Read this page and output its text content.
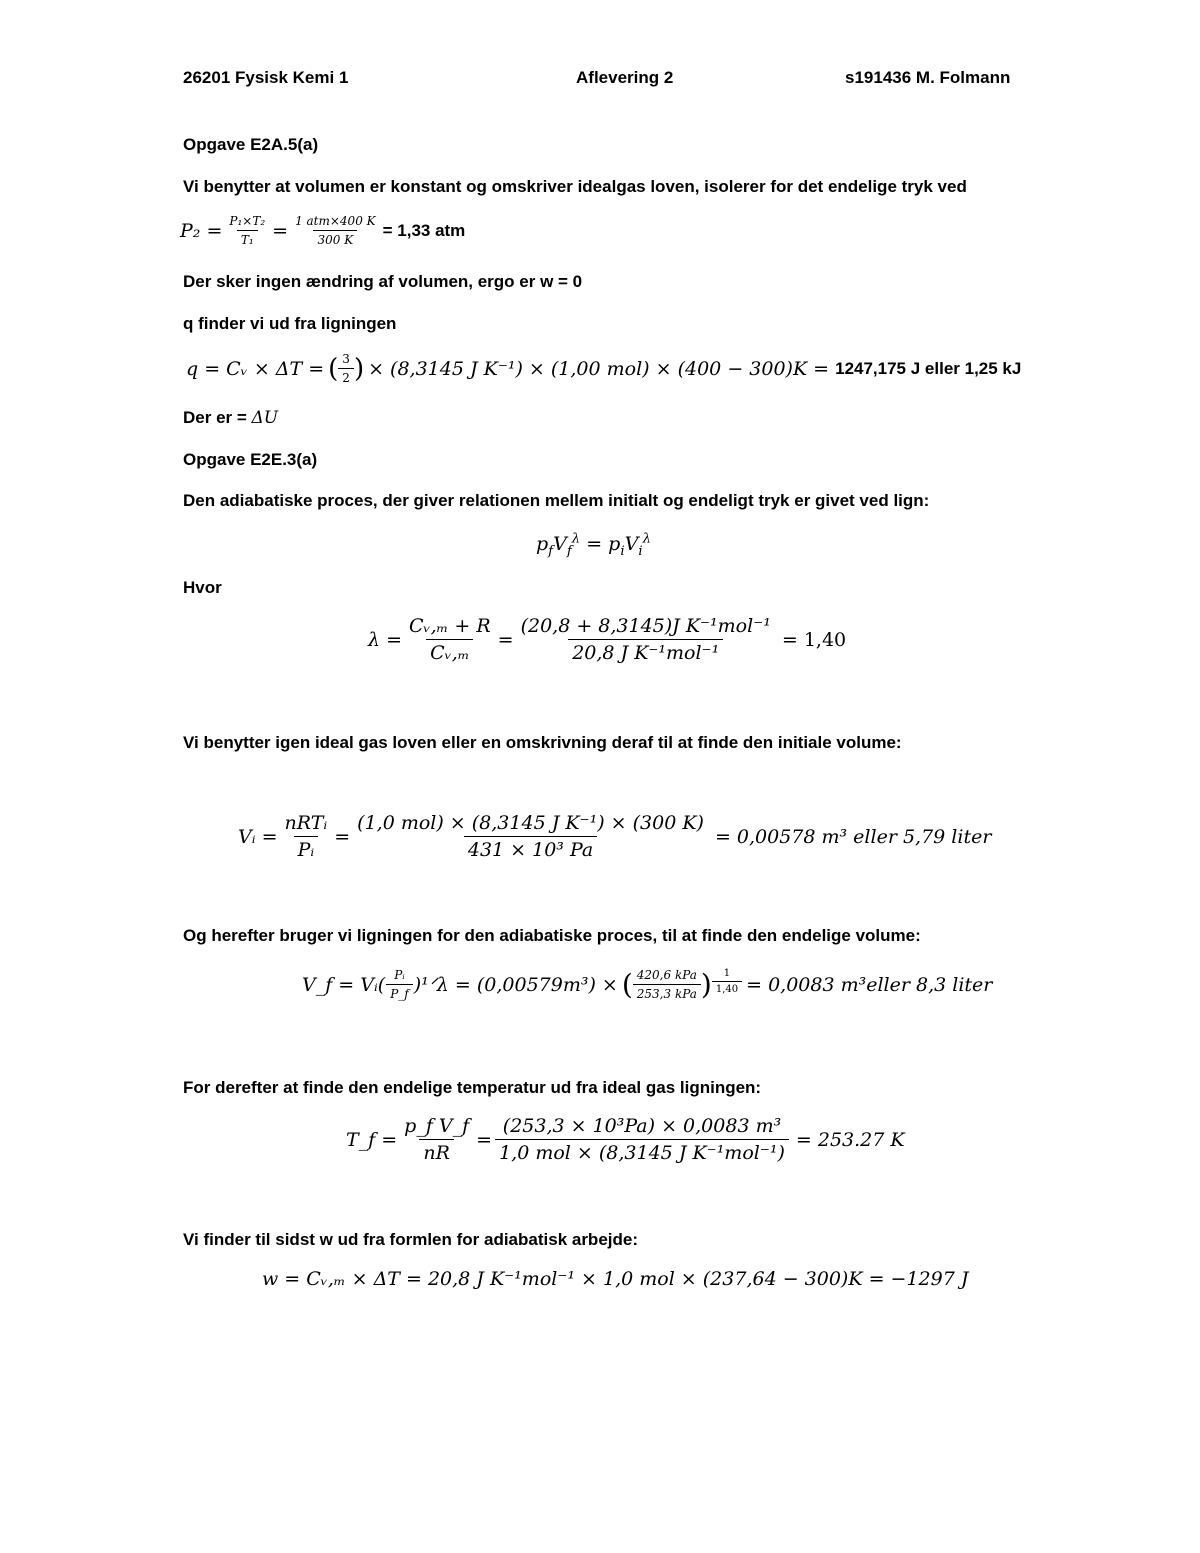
26201 Fysisk Kemi 1	Aflevering 2	s191436 M. Folmann
Opgave E2A.5(a)
Vi benytter at volumen er konstant og omskriver idealgas loven, isolerer for det endelige tryk ved
$P_2 = \frac{\text{P₁×T₂}}{\text{T₁}} = \frac{\text{1 atm×400 K}}{300 K} = 1,33$ atm
Der sker ingen ændring af volumen, ergo er w = 0
q finder vi ud fra ligningen
q = Cᵥ × ΔT = ( $\frac{3}{2}$ ) × (8,3145 J K⁻¹) × (1,00 mol) × (400 − 300)K = 1247,175 J eller 1,25 kJ
Der er = ΔU
Opgave E2E.3(a)
Den adiabatiske proces, der giver relationen mellem initialt og endeligt tryk er givet ved lign:
$p_fV_f^\lambda = p_iV_i^\lambda$
Hvor
$\lambda = \frac{\text{Cᵥ,ₘ + R}}{\text{Cᵥ,ₘ}} = \frac{\text{(20,8 + 8,3145)J K⁻¹mol⁻¹}}{\text{20,8 J K⁻¹mol⁻¹}} = 1,40$
Vi benytter igen ideal gas loven eller en omskrivning deraf til at finde den initiale volume:
Vᵢ = $\frac{\text{nRTᵢ}}{\text{Pᵢ}} = \frac{\text{(1,0 mol) × (8,3145 J K⁻¹) × (300 K)}}{\text{431 × 10³ Pa}} = 0,00578$ m³ eller 5,79 liter
Og herefter bruger vi ligningen for den adiabatiske proces, til at finde den endelige volume:
V_f = Vᵢ( $\frac{\text{Pᵢ}}{P\_f}$ )¹ᐟλ = (0,00579m³) × ( $\frac{\text{420,6 kPa}}{\text{253,3 kPa}}$ ) $\frac{1}{1,40} = 0,0083$ m³eller 8,3 liter
For derefter at finde den endelige temperatur ud fra ideal gas ligningen:
T_f = $\frac{\text{p\_f V\_f}}{nR} = \frac{\text{(253,3 × 10³Pa) × 0,0083 m³}}{\text{1,0 mol × (8,3145 J K⁻¹mol⁻¹)}} = 253.27$ K
Vi finder til sidst w ud fra formlen for adiabatisk arbejde:
w = Cᵥ,ₘ × ΔT = 20,8 J K⁻¹mol⁻¹ × 1,0 mol × (237,64 − 300)K = −1297 J
